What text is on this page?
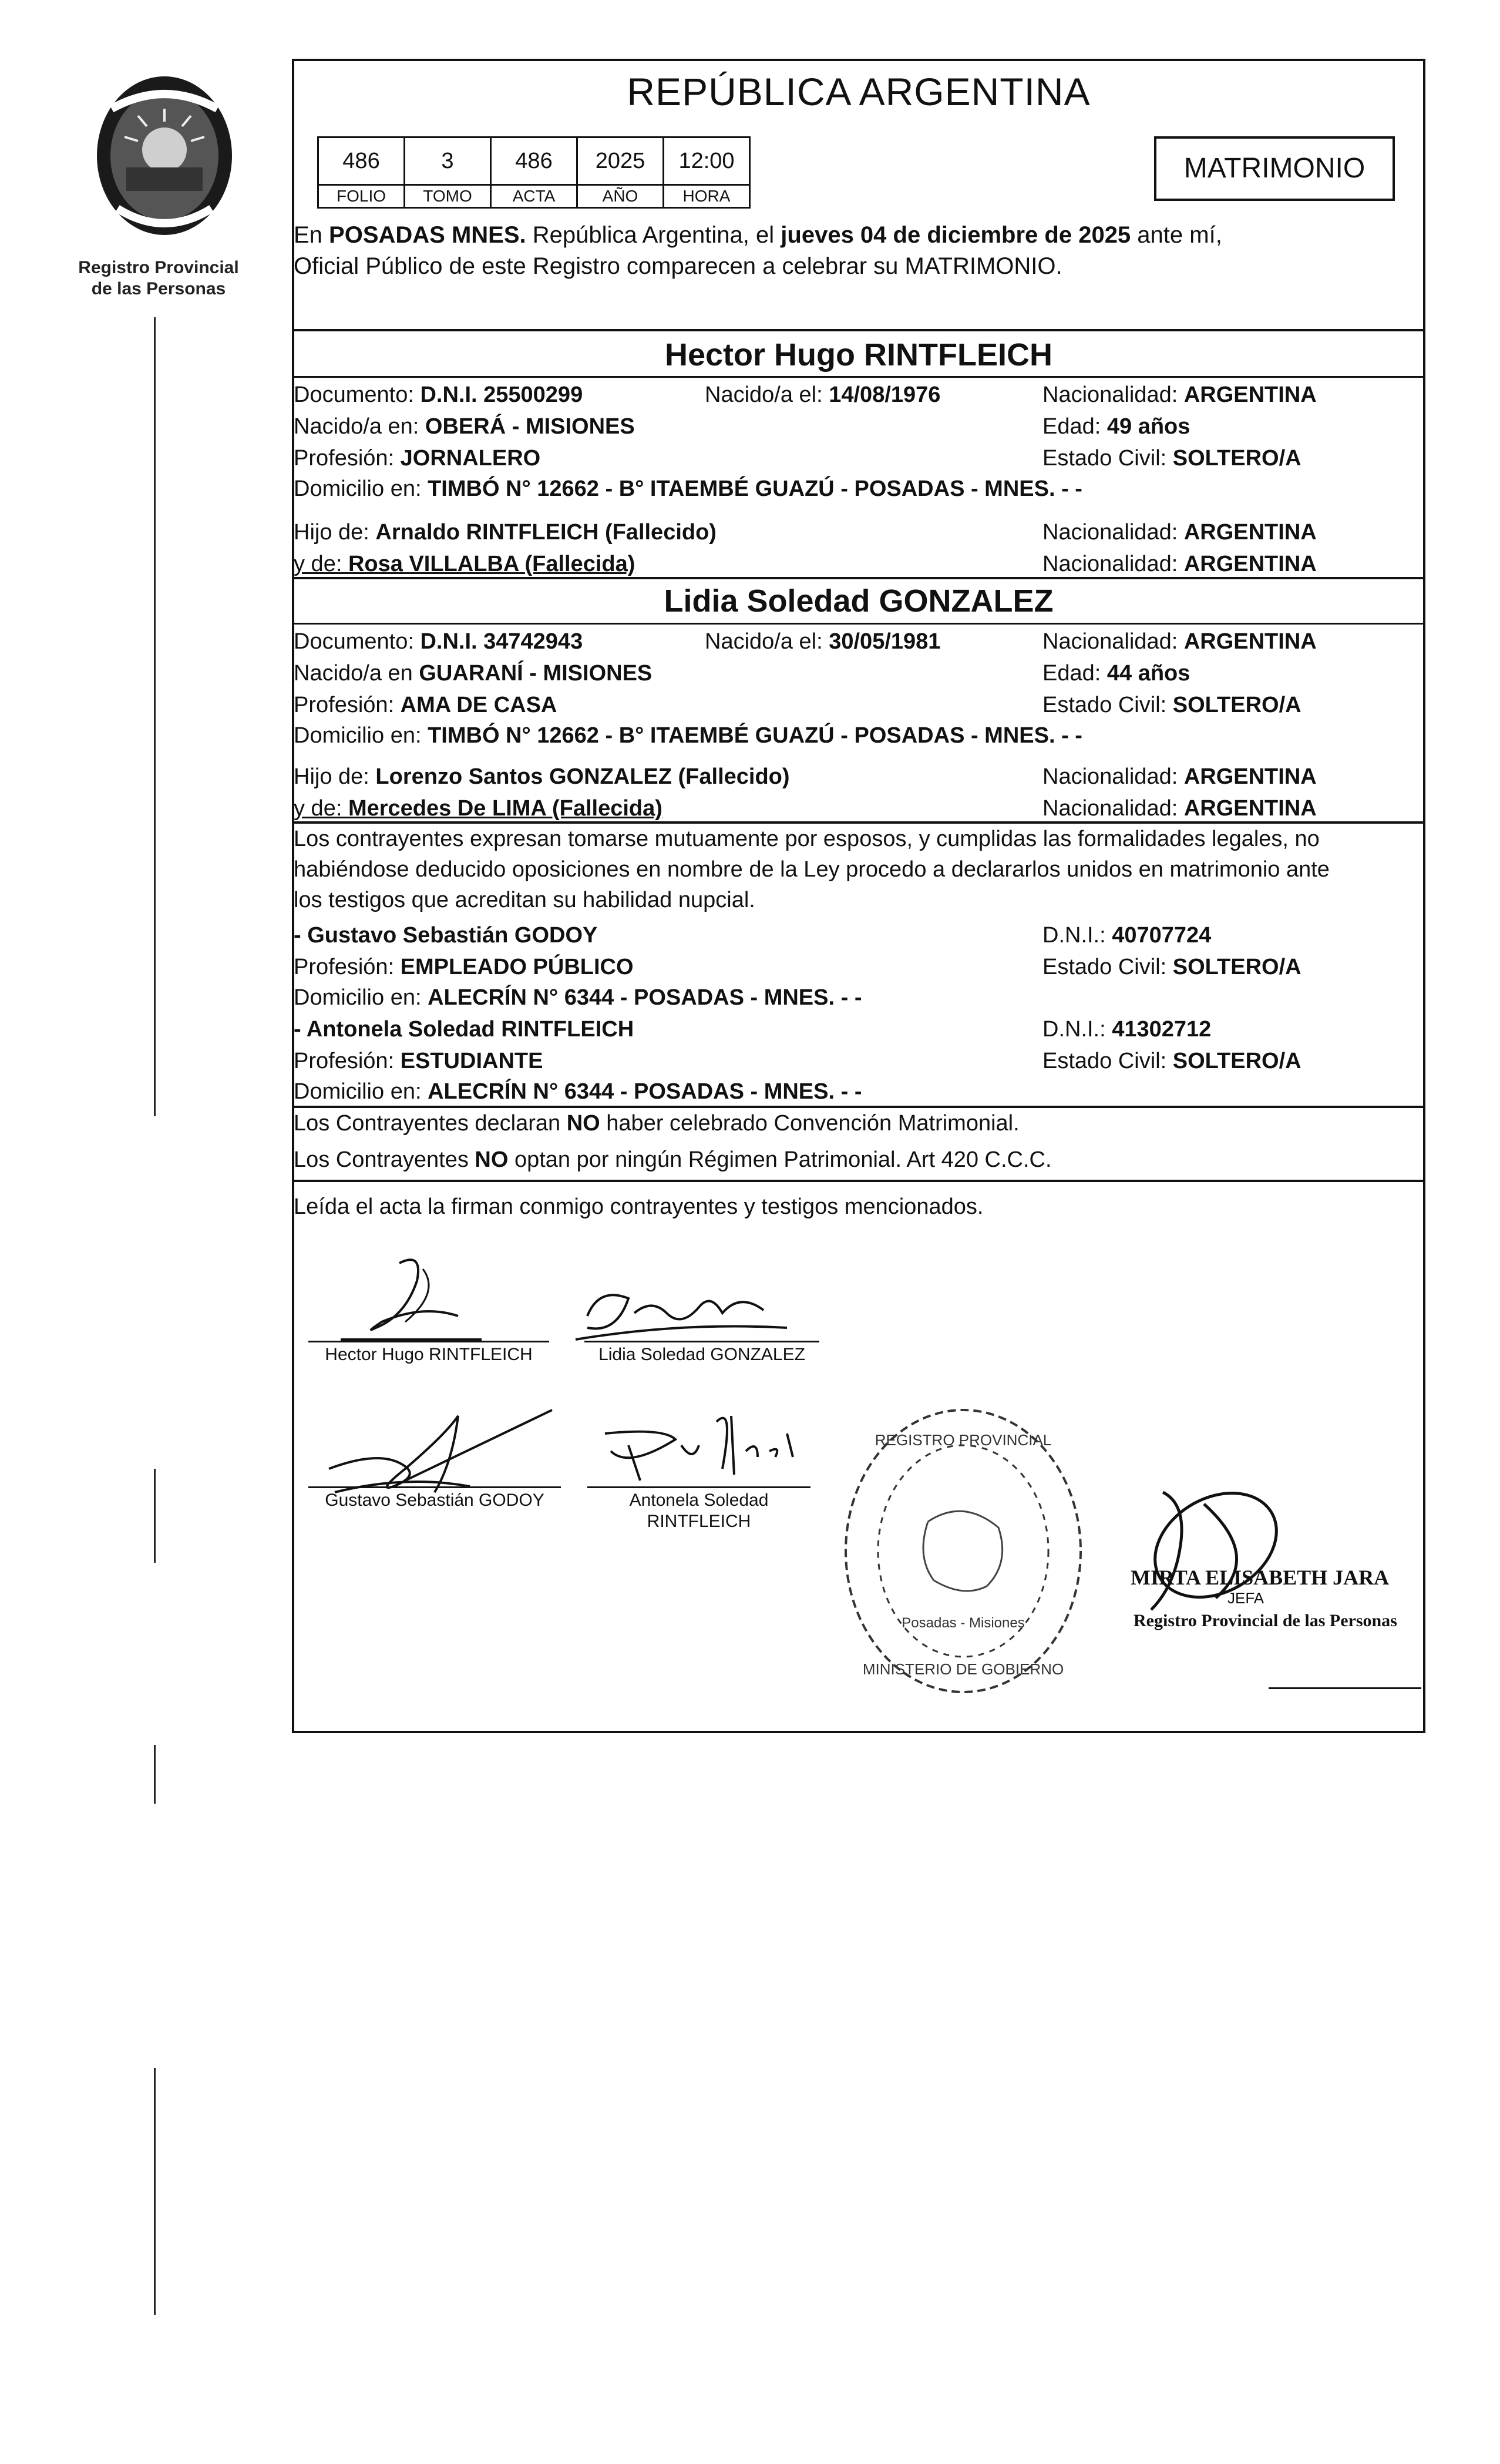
Registro Provincial
de las Personas
REPÚBLICA ARGENTINA
486	3	486	2025	12:00
FOLIO	TOMO	ACTA	AÑO	HORA
MATRIMONIO
En POSADAS MNES. República Argentina, el jueves 04 de diciembre de 2025 ante mí,
Oficial Público de este Registro comparecen a celebrar su MATRIMONIO.
Hector Hugo RINTFLEICH
Documento: D.N.I. 25500299	Nacido/a el: 14/08/1976	Nacionalidad: ARGENTINA
Nacido/a en: OBERÁ - MISIONES	Edad: 49 años
Profesión: JORNALERO	Estado Civil: SOLTERO/A
Domicilio en: TIMBÓ N° 12662 - B° ITAEMBÉ GUAZÚ - POSADAS - MNES. - -
Hijo de: Arnaldo RINTFLEICH (Fallecido)	Nacionalidad: ARGENTINA
y de: Rosa VILLALBA (Fallecida)	Nacionalidad: ARGENTINA
Lidia Soledad GONZALEZ
Documento: D.N.I. 34742943	Nacido/a el: 30/05/1981	Nacionalidad: ARGENTINA
Nacido/a en GUARANÍ - MISIONES	Edad: 44 años
Profesión: AMA DE CASA	Estado Civil: SOLTERO/A
Domicilio en: TIMBÓ N° 12662 - B° ITAEMBÉ GUAZÚ - POSADAS - MNES. - -
Hijo de: Lorenzo Santos GONZALEZ (Fallecido)	Nacionalidad: ARGENTINA
y de: Mercedes De LIMA (Fallecida)	Nacionalidad: ARGENTINA
Los contrayentes expresan tomarse mutuamente por esposos, y cumplidas las formalidades legales, no
habiéndose deducido oposiciones en nombre de la Ley procedo a declararlos unidos en matrimonio ante
los testigos que acreditan su habilidad nupcial.
- Gustavo Sebastián GODOY	D.N.I.: 40707724
Profesión: EMPLEADO PÚBLICO	Estado Civil: SOLTERO/A
Domicilio en: ALECRÍN N° 6344 - POSADAS - MNES. - -
- Antonela Soledad RINTFLEICH	D.N.I.: 41302712
Profesión: ESTUDIANTE	Estado Civil: SOLTERO/A
Domicilio en: ALECRÍN N° 6344 - POSADAS - MNES. - -
Los Contrayentes declaran NO haber celebrado Convención Matrimonial.
Los Contrayentes NO optan por ningún Régimen Patrimonial. Art 420 C.C.C.
Leída el acta la firman conmigo contrayentes y testigos mencionados.
Hector Hugo RINTFLEICH	Lidia Soledad GONZALEZ
Gustavo Sebastián GODOY	Antonela Soledad
RINTFLEICH
REGISTRO PROVINCIAL
MINISTERIO DE GOBIERNO
Posadas - Misiones
MIRTA ELISABETH JARA
JEFA
Registro Provincial de las Personas
